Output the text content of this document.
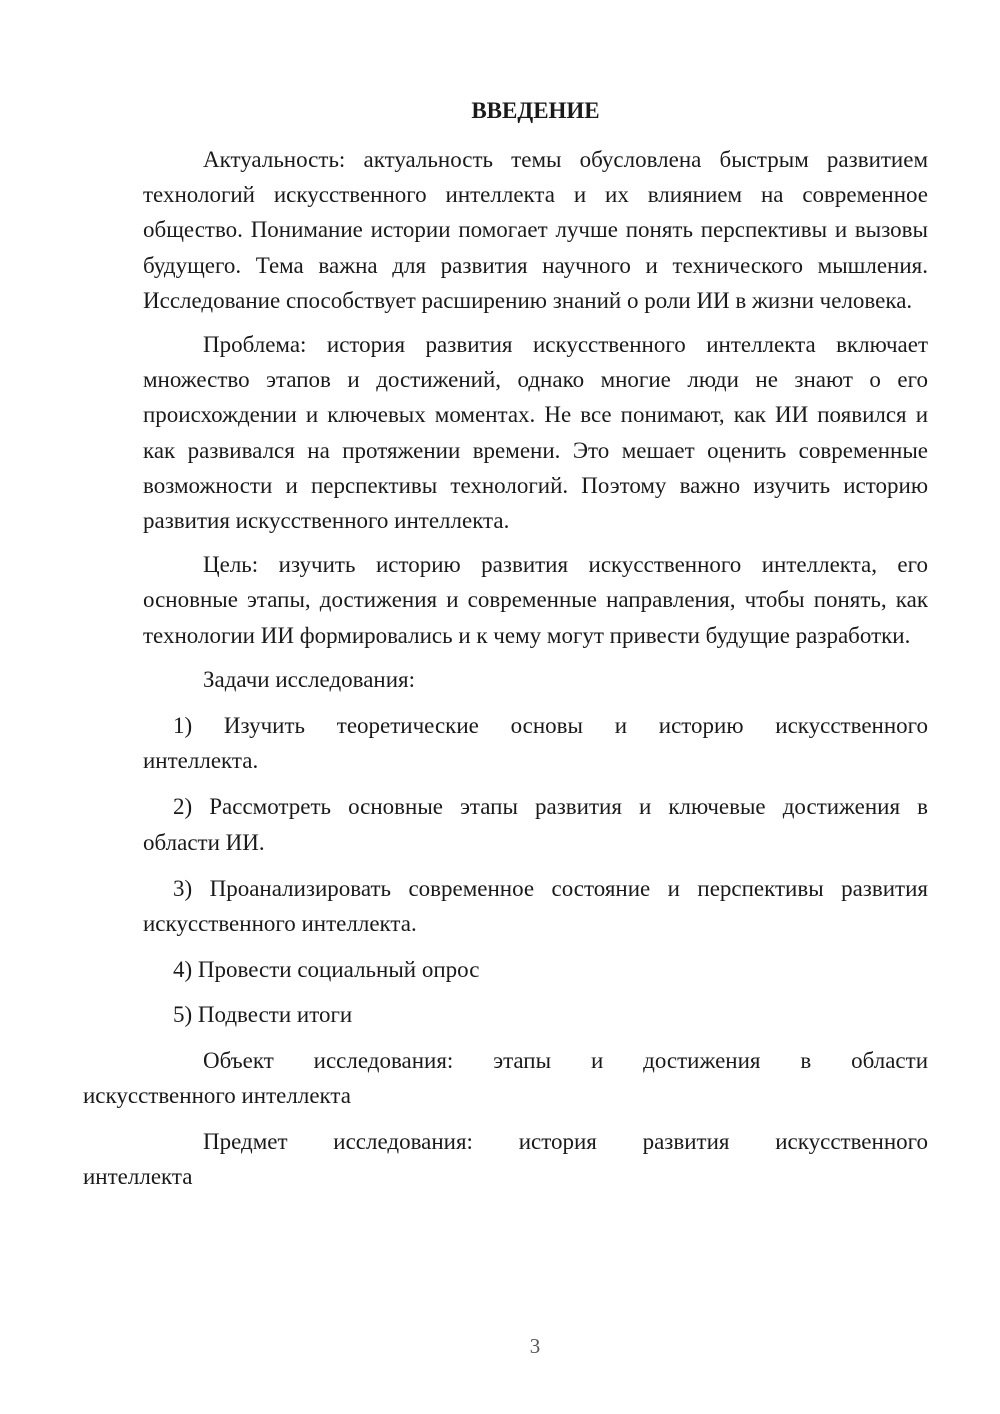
ВВЕДЕНИЕ

Актуальность: актуальность темы обусловлена быстрым развитием технологий искусственного интеллекта и их влиянием на современное общество. Понимание истории помогает лучше понять перспективы и вызовы будущего. Тема важна для развития научного и технического мышления. Исследование способствует расширению знаний о роли ИИ в жизни человека.

Проблема: история развития искусственного интеллекта включает множество этапов и достижений, однако многие люди не знают о его происхождении и ключевых моментах. Не все понимают, как ИИ появился и как развивался на протяжении времени. Это мешает оценить современные возможности и перспективы технологий. Поэтому важно изучить историю развития искусственного интеллекта.

Цель: изучить историю развития искусственного интеллекта, его основные этапы, достижения и современные направления, чтобы понять, как технологии ИИ формировались и к чему могут привести будущие разработки.

Задачи исследования:

1) Изучить теоретические основы и историю искусственного
интеллекта.

2) Рассмотреть основные этапы развития и ключевые достижения в
области ИИ.

3) Проанализировать современное состояние и перспективы развития
искусственного интеллекта.

4) Провести социальный опрос

5) Подвести итоги

Объект исследования: этапы и достижения в области
искусственного интеллекта

Предмет исследования: история развития искусственного
интеллекта

3
